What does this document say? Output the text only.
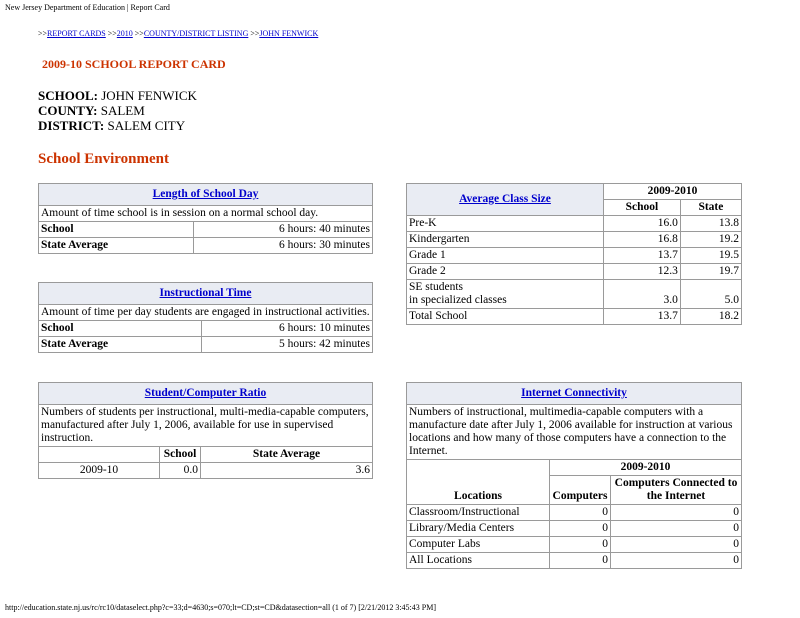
New Jersey Department of Education | Report Card
>>REPORT CARDS >>2010 >>COUNTY/DISTRICT LISTING >>JOHN FENWICK
2009-10 SCHOOL REPORT CARD
SCHOOL: JOHN FENWICK
COUNTY: SALEM
DISTRICT: SALEM CITY
School Environment
Length of School Day	
Amount of time school is in session on a normal school day.	
School	6 hours: 40 minutes
State Average	6 hours: 30 minutes
Instructional Time	
Amount of time per day students are engaged in instructional activities.	
School	6 hours: 10 minutes
State Average	5 hours: 42 minutes
Student/Computer Ratio		
Numbers of students per instructional, multi-media-capable computers, manufactured after July 1, 2006, available for use in supervised instruction.		
	School	State Average
2009-10	0.0	3.6
Average Class Size	2009-2010	
	School	State
Pre-K	16.0	13.8
Kindergarten	16.8	19.2
Grade 1	13.7	19.5
Grade 2	12.3	19.7

SE students
in specialized classes	3.0	5.0
Total School	13.7	18.2
Internet Connectivity		
Numbers of instructional, multimedia-capable computers with a manufacture date after July 1, 2006 available for instruction at various locations and how many of those computers have a connection to the Internet.		
Locations	2009-2010	
	Computers	Computers Connected to the Internet
Classroom/Instructional	0	0
Library/Media Centers	0	0
Computer Labs	0	0
All Locations	0	0
http://education.state.nj.us/rc/rc10/dataselect.php?c=33;d=4630;s=070;lt=CD;st=CD&datasection=all (1 of 7) [2/21/2012 3:45:43 PM]
